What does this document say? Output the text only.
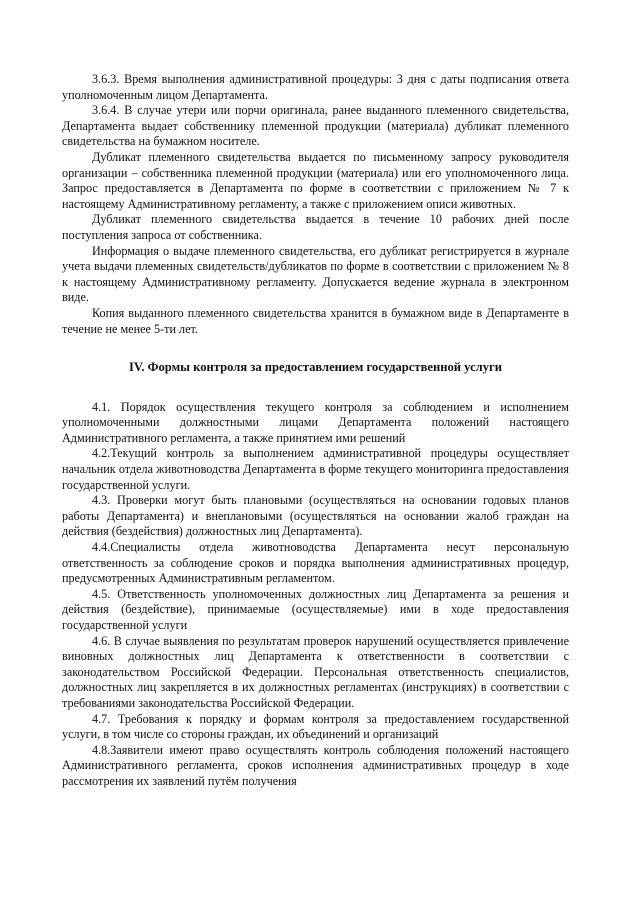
3.6.3. Время выполнения административной процедуры: 3 дня с даты подписания ответа уполномоченным лицом Департамента.

3.6.4. В случае утери или порчи оригинала, ранее выданного племенного свидетельства, Департамента выдает собственнику племенной продукции (материала) дубликат племенного свидетельства на бумажном носителе.

Дубликат племенного свидетельства выдается по письменному запросу руководителя организации – собственника племенной продукции (материала) или его уполномоченного лица. Запрос предоставляется в Департамента по форме в соответствии с приложением № 7 к настоящему Административному регламенту, а также с приложением описи животных.

Дубликат племенного свидетельства выдается в течение 10 рабочих дней после поступления запроса от собственника.

Информация о выдаче племенного свидетельства, его дубликат регистрируется в журнале учета выдачи племенных свидетельств/дубликатов по форме в соответствии с приложением № 8 к настоящему Административному регламенту. Допускается ведение журнала в электронном виде.

Копия выданного племенного свидетельства хранится в бумажном виде в Департаменте в течение не менее 5-ти лет.

IV. Формы контроля за предоставлением государственной услуги

4.1. Порядок осуществления текущего контроля за соблюдением и исполнением уполномоченными должностными лицами Департамента положений настоящего Административного регламента, а также принятием ими решений

4.2.Текущий контроль за выполнением административной процедуры осуществляет начальник отдела животноводства Департамента в форме текущего мониторинга предоставления государственной услуги.

4.3. Проверки могут быть плановыми (осуществляться на основании годовых планов работы Департамента) и внеплановыми (осуществляться на основании жалоб граждан на действия (бездействия) должностных лиц Департамента).

4.4.Специалисты отдела животноводства Департамента несут персональную ответственность за соблюдение сроков и порядка выполнения административных процедур, предусмотренных Административным регламентом.

4.5. Ответственность уполномоченных должностных лиц Департамента за решения и действия (бездействие), принимаемые (осуществляемые) ими в ходе предоставления государственной услуги

4.6. В случае выявления по результатам проверок нарушений осуществляется привлечение виновных должностных лиц Департамента к ответственности в соответствии с законодательством Российской Федерации. Персональная ответственность специалистов, должностных лиц закрепляется в их должностных регламентах (инструкциях) в соответствии с требованиями законодательства Российской Федерации.

4.7. Требования к порядку и формам контроля за предоставлением государственной услуги, в том числе со стороны граждан, их объединений и организаций

4.8.Заявители имеют право осуществлять контроль соблюдения положений настоящего Административного регламента, сроков исполнения административных процедур в ходе рассмотрения их заявлений путём получения
